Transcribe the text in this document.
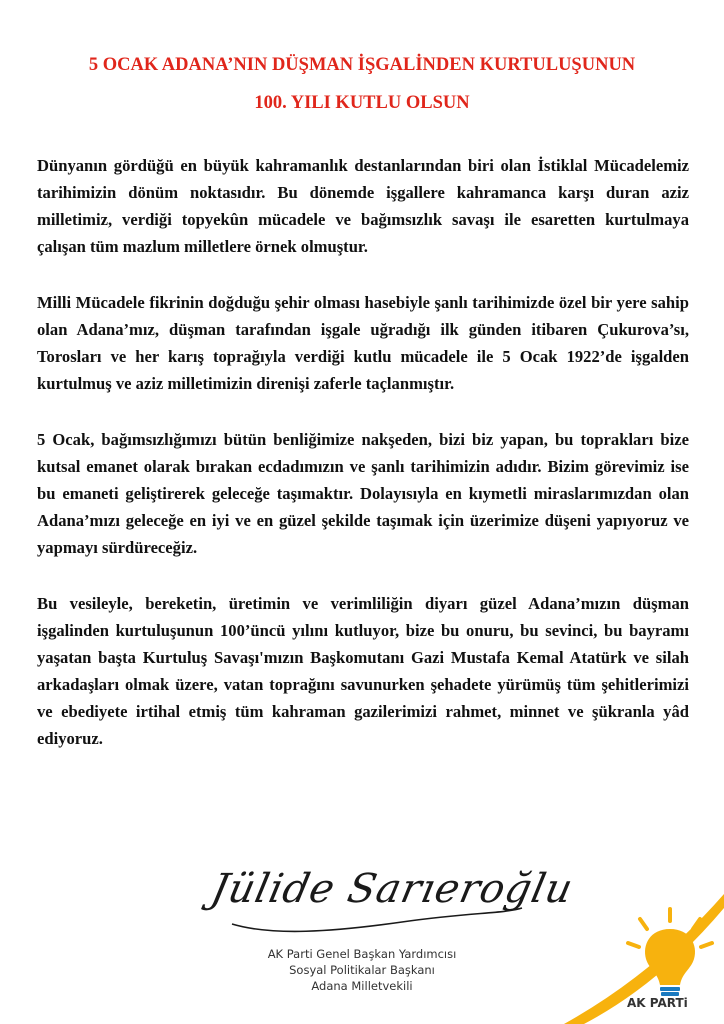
5 OCAK ADANA’NIN DÜŞMAN İŞGALİNDEN KURTULUŞUNUN
100. YILI KUTLU OLSUN

Dünyanın gördüğü en büyük kahramanlık destanlarından biri olan İstiklal Mücadelemiz tarihimizin dönüm noktasıdır. Bu dönemde işgallere kahramanca karşı duran aziz milletimiz, verdiği topyekûn mücadele ve bağımsızlık savaşı ile esaretten kurtulmaya çalışan tüm mazlum milletlere örnek olmuştur.

Milli Mücadele fikrinin doğduğu şehir olması hasebiyle şanlı tarihimizde özel bir yere sahip olan Adana’mız, düşman tarafından işgale uğradığı ilk günden itibaren Çukurova’sı, Torosları ve her karış toprağıyla verdiği kutlu mücadele ile 5 Ocak 1922’de işgalden kurtulmuş ve aziz milletimizin direnişi zaferle taçlanmıştır.

5 Ocak, bağımsızlığımızı bütün benliğimize nakşeden, bizi biz yapan, bu toprakları bize kutsal emanet olarak bırakan ecdadımızın ve şanlı tarihimizin adıdır. Bizim görevimiz ise bu emaneti geliştirerek geleceğe taşımaktır. Dolayısıyla en kıymetli miraslarımızdan olan Adana’mızı geleceğe en iyi ve en güzel şekilde taşımak için üzerimize düşeni yapıyoruz ve yapmayı sürdüreceğiz.

Bu vesileyle, bereketin, üretimin ve verimliliğin diyarı güzel Adana’mızın düşman işgalinden kurtuluşunun 100’üncü yılını kutluyor, bize bu onuru, bu sevinci, bu bayramı yaşatan başta Kurtuluş Savaşı'mızın Başkomutanı Gazi Mustafa Kemal Atatürk ve silah arkadaşları olmak üzere, vatan toprağını savunurken şehadete yürümüş tüm şehitlerimizi ve ebediyete irtihal etmiş tüm kahraman gazilerimizi rahmet, minnet ve şükranla yâd ediyoruz.

Jülide Sarıeroğlu
AK Parti Genel Başkan Yardımcısı
Sosyal Politikalar Başkanı
Adana Milletvekili
AK PARTi
